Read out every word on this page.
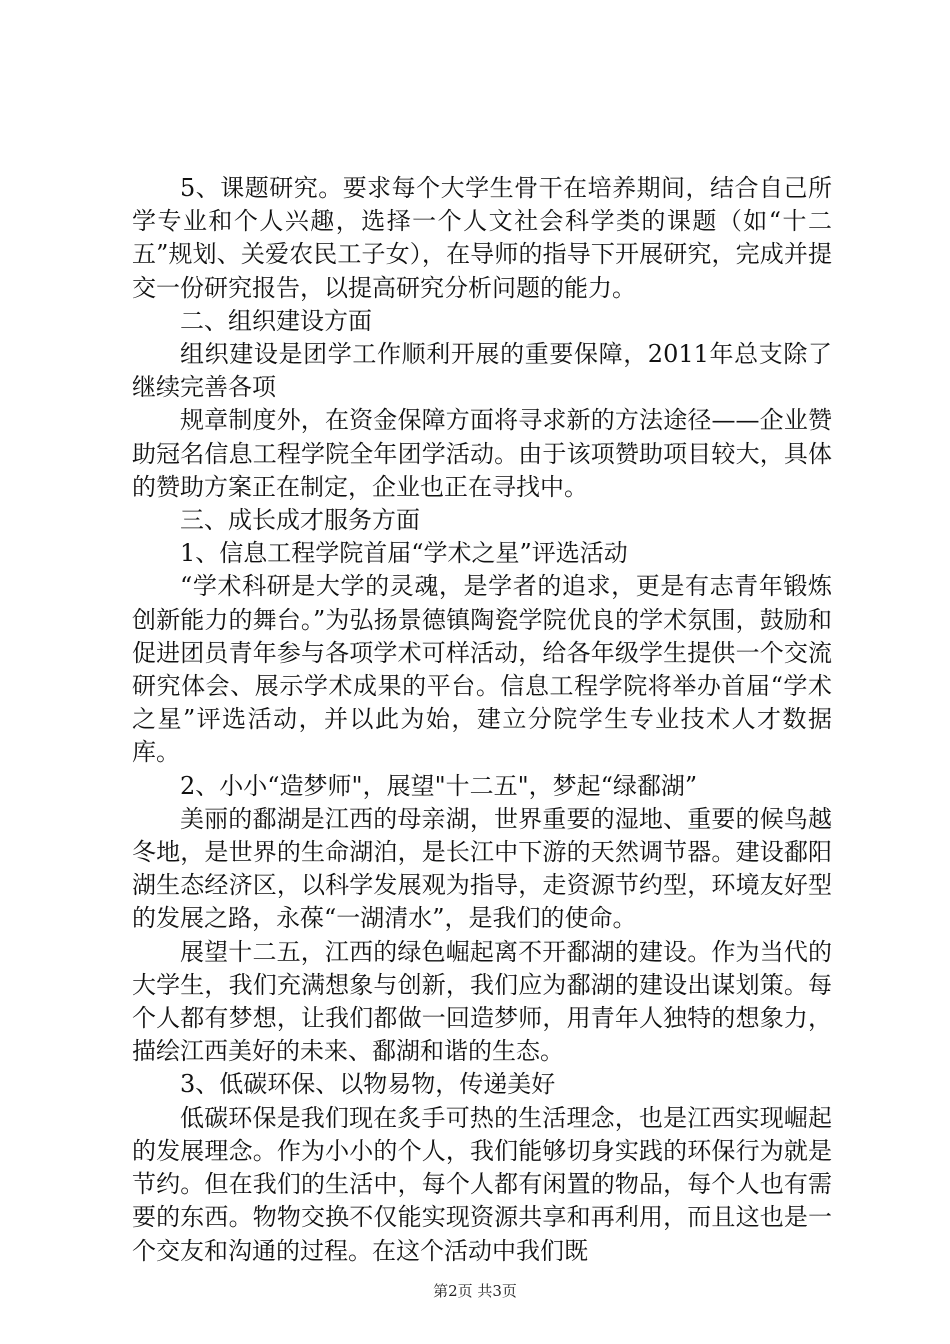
5、课题研究。要求每个大学生骨干在培养期间，结合自己所学专业和个人兴趣，选择一个人文社会科学类的课题（如“十二五”规划、关爱农民工子女），在导师的指导下开展研究，完成并提交一份研究报告，以提高研究分析问题的能力。

二、组织建设方面

组织建设是团学工作顺利开展的重要保障，2011年总支除了继续完善各项

规章制度外，在资金保障方面将寻求新的方法途径——企业赞助冠名信息工程学院全年团学活动。由于该项赞助项目较大，具体的赞助方案正在制定，企业也正在寻找中。

三、成长成才服务方面

1、信息工程学院首届“学术之星”评选活动

“学术科研是大学的灵魂，是学者的追求，更是有志青年锻炼创新能力的舞台。”为弘扬景德镇陶瓷学院优良的学术氛围，鼓励和促进团员青年参与各项学术可样活动，给各年级学生提供一个交流研究体会、展示学术成果的平台。信息工程学院将举办首届“学术之星”评选活动，并以此为始，建立分院学生专业技术人才数据库。

2、小小“造梦师"，展望"十二五"，梦起“绿鄱湖”

美丽的鄱湖是江西的母亲湖，世界重要的湿地、重要的候鸟越冬地，是世界的生命湖泊，是长江中下游的天然调节器。建设鄱阳湖生态经济区，以科学发展观为指导，走资源节约型，环境友好型的发展之路，永葆“一湖清水”，是我们的使命。

展望十二五，江西的绿色崛起离不开鄱湖的建设。作为当代的大学生，我们充满想象与创新，我们应为鄱湖的建设出谋划策。每个人都有梦想，让我们都做一回造梦师，用青年人独特的想象力，描绘江西美好的未来、鄱湖和谐的生态。

3、低碳环保、以物易物，传递美好

低碳环保是我们现在炙手可热的生活理念，也是江西实现崛起的发展理念。作为小小的个人，我们能够切身实践的环保行为就是节约。但在我们的生活中，每个人都有闲置的物品，每个人也有需要的东西。物物交换不仅能实现资源共享和再利用，而且这也是一个交友和沟通的过程。在这个活动中我们既

第2页 共3页
